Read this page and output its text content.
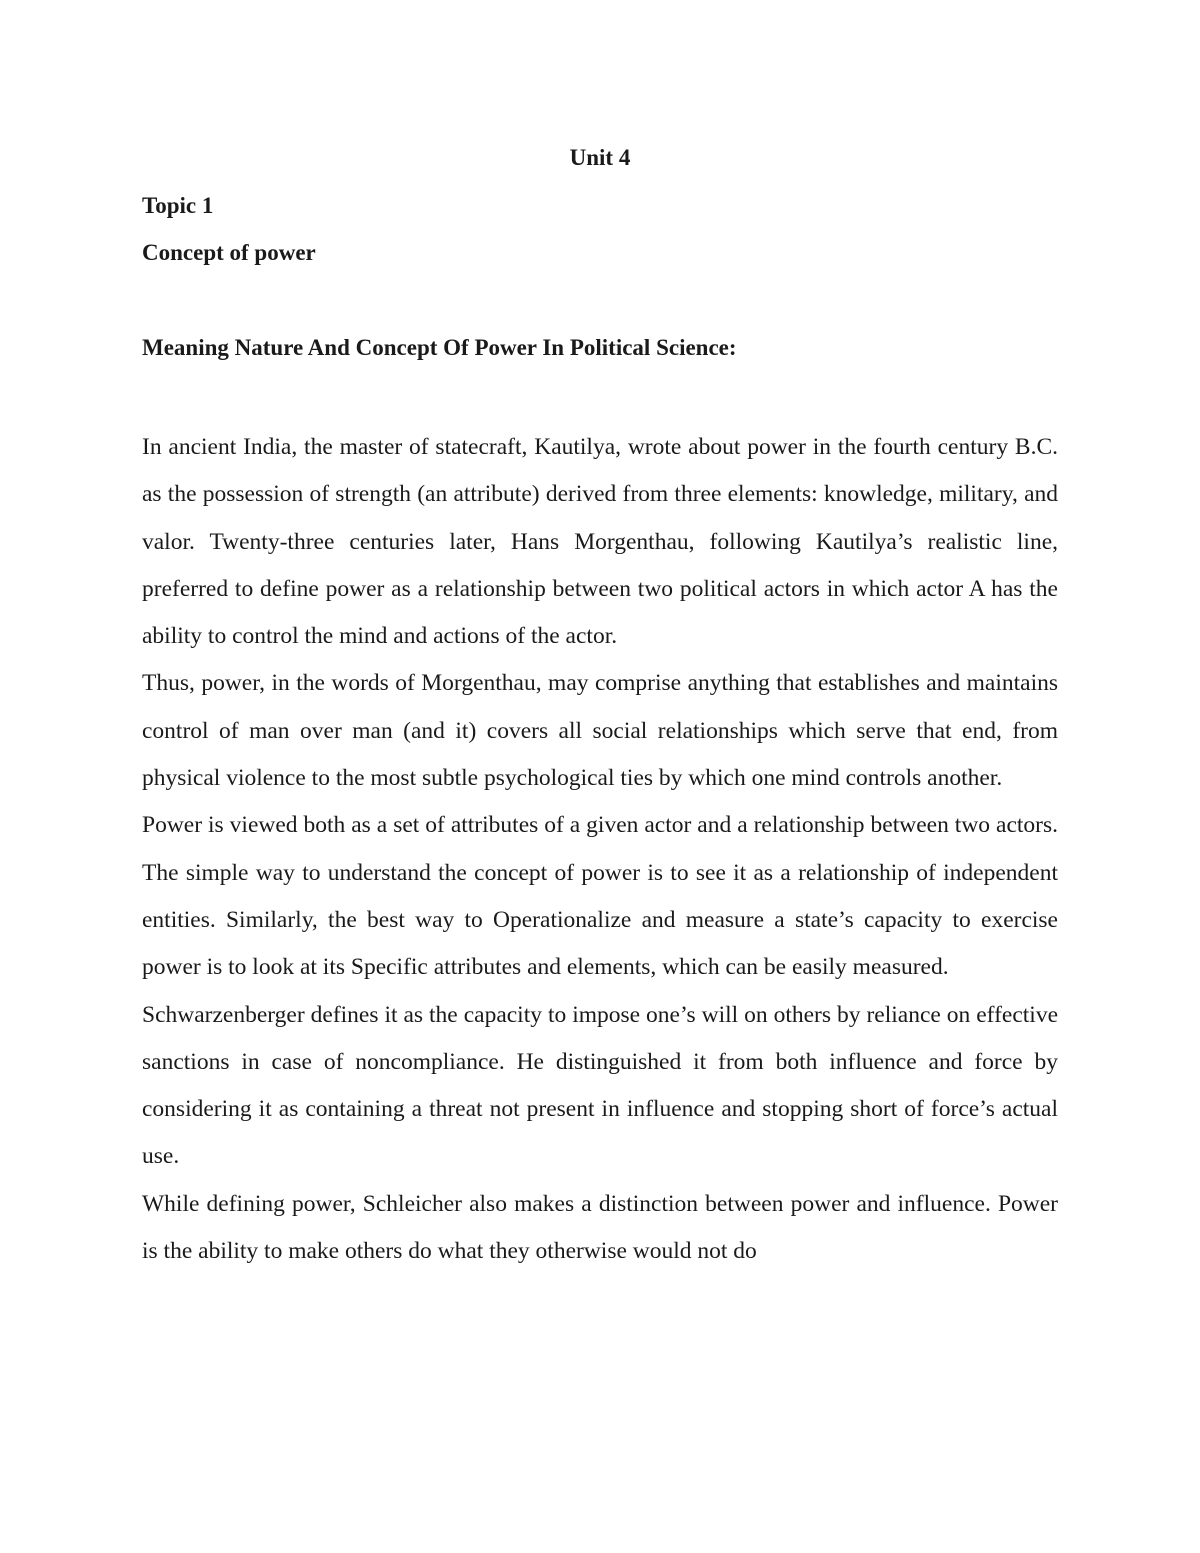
Unit 4
Topic 1
Concept of power
Meaning Nature And Concept Of Power In Political Science:

In ancient India, the master of statecraft, Kautilya, wrote about power in the fourth century B.C. as the possession of strength (an attribute) derived from three elements: knowledge, military, and valor. Twenty-three centuries later, Hans Morgenthau, following Kautilya’s realistic line, preferred to define power as a relationship between two political actors in which actor A has the ability to control the mind and actions of the actor.

Thus, power, in the words of Morgenthau, may comprise anything that establishes and maintains control of man over man (and it) covers all social relationships which serve that end, from physical violence to the most subtle psychological ties by which one mind controls another.

Power is viewed both as a set of attributes of a given actor and a relationship between two actors. The simple way to understand the concept of power is to see it as a relationship of independent entities. Similarly, the best way to Operationalize and measure a state’s capacity to exercise power is to look at its Specific attributes and elements, which can be easily measured.

Schwarzenberger defines it as the capacity to impose one’s will on others by reliance on effective sanctions in case of noncompliance. He distinguished it from both influence and force by considering it as containing a threat not present in influence and stopping short of force’s actual use.

While defining power, Schleicher also makes a distinction between power and influence. Power is the ability to make others do what they otherwise would not do
